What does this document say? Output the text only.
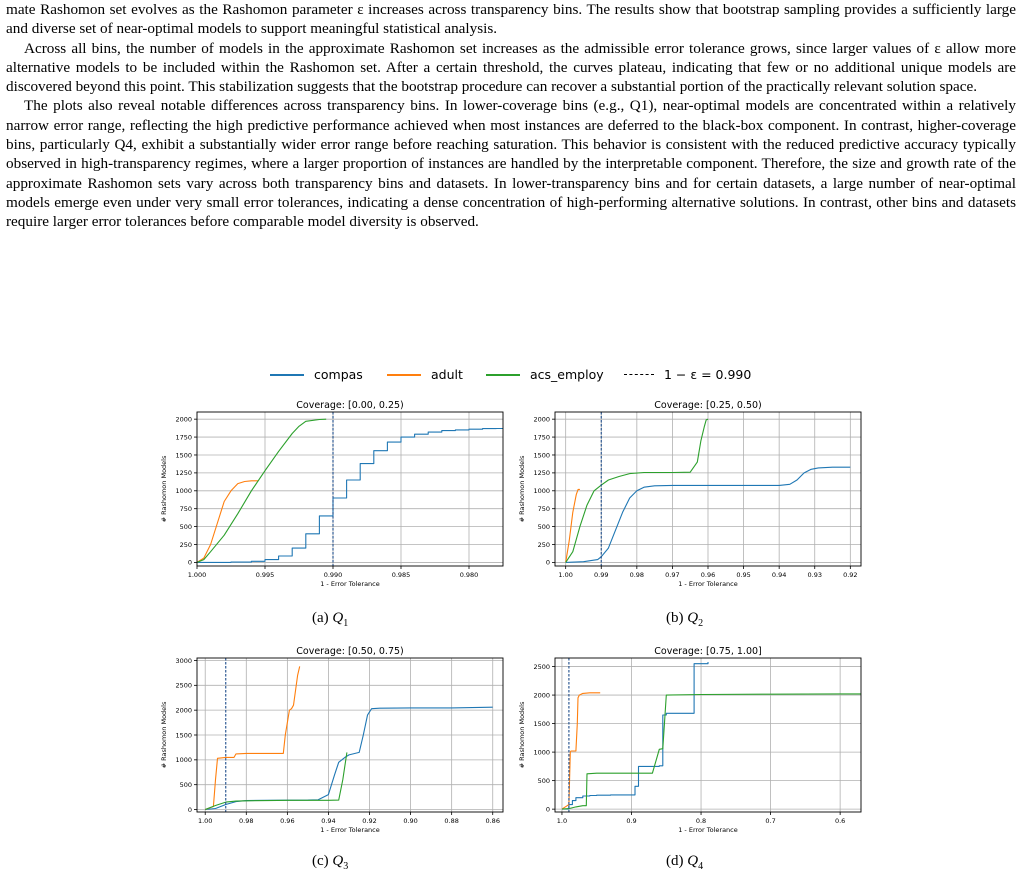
mate Rashomon set evolves as the Rashomon parameter ε increases across transparency bins. The results show that bootstrap sampling provides a sufficiently large and diverse set of near-optimal models to support meaningful statistical analysis.

Across all bins, the number of models in the approximate Rashomon set increases as the admissible error tolerance grows, since larger values of ε allow more alternative models to be included within the Rashomon set. After a certain threshold, the curves plateau, indicating that few or no additional unique models are discovered beyond this point. This stabilization suggests that the bootstrap procedure can recover a substantial portion of the practically relevant solution space.

The plots also reveal notable differences across transparency bins. In lower-coverage bins (e.g., Q1), near-optimal models are concentrated within a relatively narrow error range, reflecting the high predictive performance achieved when most instances are deferred to the black-box component. In contrast, higher-coverage bins, particularly Q4, exhibit a substantially wider error range before reaching saturation. This behavior is consistent with the reduced predictive accuracy typically observed in high-transparency regimes, where a larger proportion of instances are handled by the interpretable component. Therefore, the size and growth rate of the approximate Rashomon sets vary across both transparency bins and datasets. In lower-transparency bins and for certain datasets, a large number of near-optimal models emerge even under very small error tolerances, indicating a dense concentration of high-performing alternative solutions. In contrast, other bins and datasets require larger error tolerances before comparable model diversity is observed.

compas	adult	acs_employ	1 − ε = 0.990
Coverage: [0.00, 0.25)
1.000	0.995	0.990	0.985	0.980
0
250
500
750
1000
1250
1500
1750
2000
1 - Error Tolerance
# Rashomon Models
Coverage: [0.25, 0.50)
1.00	0.99	0.98	0.97	0.96	0.95	0.94	0.93	0.92
0
250
500
750
1000
1250
1500
1750
2000
1 - Error Tolerance
# Rashomon Models
Coverage: [0.50, 0.75)
1.00	0.98	0.96	0.94	0.92	0.90	0.88	0.86
0
500
1000
1500
2000
2500
3000
1 - Error Tolerance
# Rashomon Models
Coverage: [0.75, 1.00]
1.0	0.9	0.8	0.7	0.6
0
500
1000
1500
2000
2500
1 - Error Tolerance
# Rashomon Models
(a) $Q_1$	(b) $Q_2$
(c) $Q_3$	(d) $Q_4$
